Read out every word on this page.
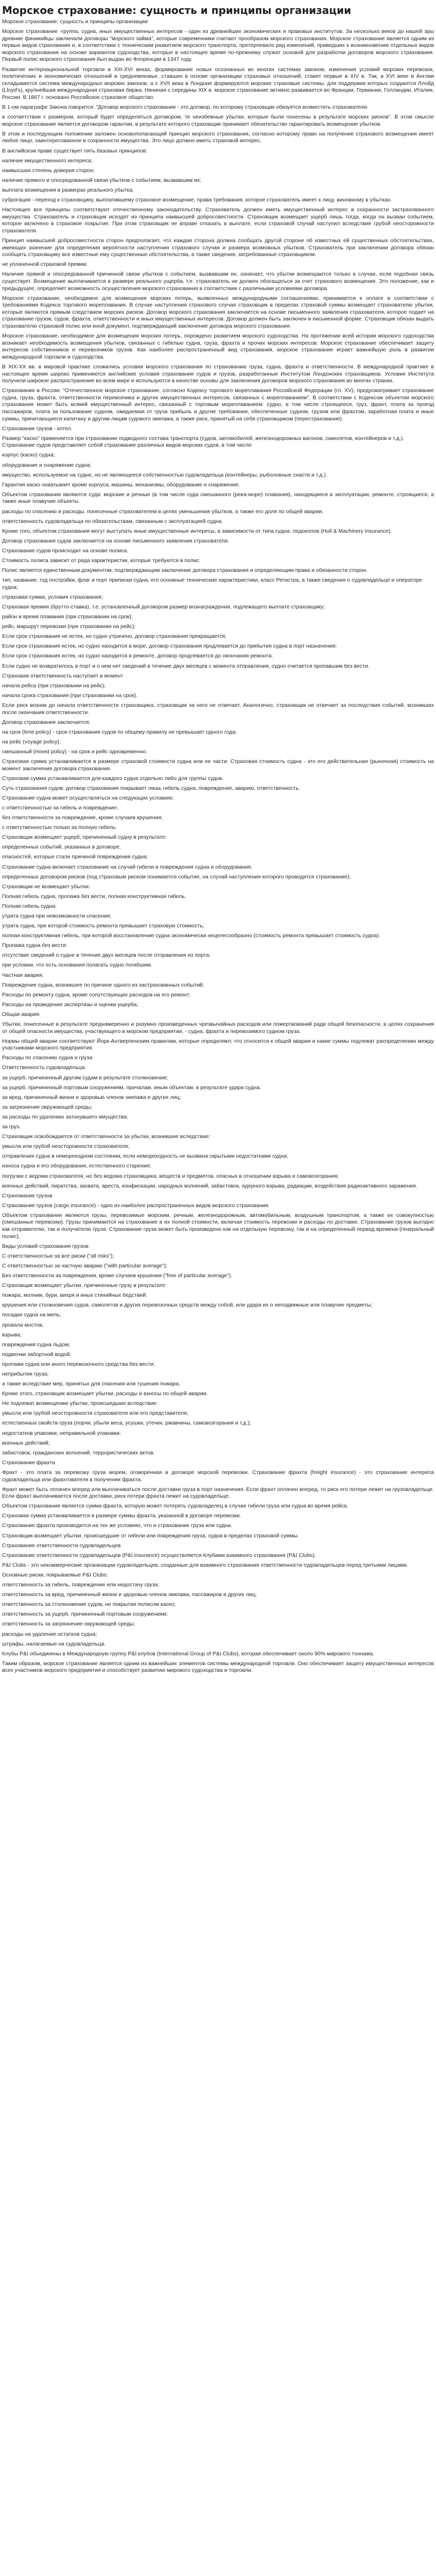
Морское страхование: сущность и принципы организации

Морское страхование: сущность и принципы организации

Морское страхование -группа, судна, иных имущественных интересов - один из древнейших экономических и правовых институтов. За несколько веков до нашей эры древние финикийцы заключали договоры "морского займа", которые современники считают прообразом морского страхования. Морское страхование является одним из первых видов страхования и, в соответствии с техническим развитием морского транспорта, претерпевало ряд изменений, приведших к возникновению отдельных видов морского страхования на основе вариантов судоходства, которые в настоящее время по-прежнему служат основой для разработки договоров морского страхования. Первый полис морского страхования был выдан во Флоренции в 1347 году.

Развитие интернациональной торговли в XIII-XVI веках, формирование новых осознанных во многих системах законов, изменения условий морских перевозок, политических и экономических отношений в средневековье, ставших в основе организации страховых отношений, ставят первые в XIV в. Так, в XVI веке в Англии складывается система международных морских законов, а с XVII века в Лондоне формируются морские страховые системы, для поддержки которых создаются Ллойд (Lloyd's), крупнейшая международная страховая биржа. Начиная с середины XIX в. морское страхование активно развивается во Франции, Германии, Голландии, Италии, России. В 1867 г. основано Российское страховое общество.

В 1-ом параграфе Закона говорится: "Договор морского страхования - это договор, по которому страховщик обязуется возместить страхователю

в соответствии с размером, который будет определяться договором, те неизбежные убытки, которые были понесены в результате морских рисков". В этом смысле морское страхование является договором гарантии, в результате которого страховщик принимает обязательство гарантировать возмещение убытков.

В этом и последующем положении заложен основополагающий принцип морского страхования, согласно которому право на получение страхового возмещения имеет любое лицо, заинтересованное в сохранности имущества. Это лицо должно иметь страховой интерес.

В английском праве существует пять базовых принципов:

наличие имущественного интереса;

наивысшая степень доверия сторон;

наличие прямого и опосредованной связи убытков с событием, вызвавшим их;

выплата возмещения в размерах реального убытка;

суброгация - переход к страховщику, выплатившему страховое возмещение, права требования, которое страхователь имеет к лицу, виновному в убытках.

Настоящее все принципы соответствуют отечественному законодательству. Страхователь должен иметь имущественный интерес в сохранности застрахованного имущества. Страхователь и страховщик исходят из принципа наивысшей добросовестности. Страховщик возмещает ущерб лишь тогда, когда он вызван событием, которое включено в страховое покрытие. При этом страховщик не вправе отказать в выплате, если страховой случай наступил вследствие грубой неосторожности страхователя.

Принцип наивысшей добросовестности сторон предполагает, что каждая сторона должна сообщать другой стороне об известных ей существенных обстоятельствах, имеющих значение для определения вероятности наступления страхового случая и размера возможных убытков. Страхователь при заключении договора обязан сообщить страховщику все известные ему существенные обстоятельства, а также сведения, затребованные страховщиком.

не уплаченной страховой премии.

Наличие прямой и опосредованной причинной связи убытков с событием, вызвавшим их, означает, что убытки возмещаются только в случае, если подобная связь существует. Возмещение выплачивается в размере реального ущерба, т.е. страхователь не должен обогащаться за счет страхового возмещения. Это положение, как и предыдущее, определяет возможность осуществления морского страхования в соответствии с различными условиями договора.

Морское страхование, необходимое для возмещения морских потерь, выявленных международными соглашениями, принимается к оплате в соответствии с требованиями Кодекса торгового мореплавания. В случае наступления страхового случая страховщик в пределах страховой суммы возмещает страхователю убытки, которые являются прямым следствием морских рисков. Договор морского страхования заключается на основе письменного заявления страхователя, которое подает на страхование грузов, судов, фрахта, ответственности и иных имущественных интересов. Договор должен быть заключен в письменной форме. Страховщик обязан выдать страхователю страховой полис или иной документ, подтверждающий заключение договора морского страхования.

Морское страхование, необходимое для возмещения морских потерь, порождено развитием морского судоходства. На протяжении всей истории морского судоходства возникает необходимость возмещения убытков, связанных с гибелью судна, груза, фрахта и прочих морских интересов. Морское страхование обеспечивает защиту интересов собственников и перевозчиков грузов. Как наиболее распространенный вид страхования, морское страхование играет важнейшую роль в развитии международной торговли и судоходства.

В XIX-XX вв. в мировой практике сложились условия морского страхования по страхованию груза, судна, фрахта и ответственности. В международной практике в настоящее время широко применяются английские условия страхования судов и грузов, разработанные Институтом Лондонских страховщиков. Условия Института получили широкое распространение во всем мире и используются в качестве основы для заключения договоров морского страхования во многих странах.

Страхование в России: "Отечественное морское страхование, согласно Кодексу торгового мореплавания Российской Федерации (гл. XV), предусматривает страхование судна, груза, фрахта, ответственности перевозчика и других имущественных интересов, связанных с мореплаванием". В соответствии с Кодексом объектом морского страхования может быть всякий имущественный интерес, связанный с торговым мореплаванием: судно, в том числе строящееся, груз, фрахт, плата за проезд пассажиров, плата за пользование судном, ожидаемая от груза прибыль и другие требования, обеспеченные судном, грузом или фрахтом, заработная плата и иные суммы, причитающиеся капитану и другим лицам судового экипажа, а также риск, принятый на себя страховщиком (перестрахование).

Страхование грузов - котел.

Размер "каско" применяется при страховании подводного состава транспорта (судов, автомобилей, железнодорожных вагонов, самолетов, контейнеров и т.д.). Страхование судов представляет собой страхование различных видов морских судов, в том числе:

корпус (каско) судна;

оборудование и снаряжение судна;

имущество, используемое на судне, но не являющееся собственностью судовладельца (контейнеры, рыболовные снасти и т.д.).

Гарантия каско охватывает кроме корпуса, машины, механизмы, оборудование и снаряжение.

Объектом страхования являются суда: морские и речные (в том числе суда смешанного (река-море) плавания), находящиеся в эксплуатации, ремонте, строящиеся, а также иные плавучие объекты.

расходы по спасению и расходы, понесенные страхователем в целях уменьшения убытков, а также его доля по общей аварии;

ответственность судовладельца по обязательствам, связанным с эксплуатацией судна.

Кроме того, объектом страхования могут выступать иные имущественные интересы, в зависимости от типа судна: ледоколов (Hull & Machinery Insurance).

Договор страхования судов заключается на основе письменного заявления страхователя.

Страхование судов происходит на основе полиса.

Стоимость полиса зависит от ряда характеристик, которые требуются в полис.

Полис является единственным документом, подтверждающим заключение договора страхования и определяющим права и обязанности сторон.

тип, название, год постройки, флаг и порт приписки судна, его основные технические характеристики, класс Регистра, а также сведения о судовладельце и операторе судна;

страховая сумма, условия страхования;

Страховая премия (брутто-ставка), т.е. установленный договором размер вознаграждения, подлежащего выплате страховщику;

район и время плавания (при страховании на срок);

рейс, маршрут перевозки (при страховании на рейс);

Если срок страхования не истек, но судно утрачено, договор страхования прекращается;

Если срок страхования истек, но судно находится в море, договор страхования продлевается до прибытия судна в порт назначения;

Если срок страхования истек, но судно находится в ремонте, договор продлевается до окончания ремонта.

Если судно не возвратилось в порт и о нем нет сведений в течение двух месяцев с момента отправления, судно считается пропавшим без вести.

Страховая ответственность наступает в момент

начала рейса (при страховании на рейс);

начала срока страхования (при страховании на срок).

Если риск возник до начала ответственности страховщика, страховщик за него не отвечает. Аналогично, страховщик не отвечает за последствия событий, возникших после окончания ответственности.

Договор страхования заключается:

на срок (time policy) - срок страхования судов по общему правилу не превышает одного года;

на рейс (voyage policy);

смешанный (mixed policy) - на срок и рейс одновременно.

Страховая сумма устанавливается в размере страховой стоимости судна или ее части. Страховая стоимость судна - это его действительная (рыночная) стоимость на момент заключения договора страхования.

Страховая сумма устанавливается для каждого судна отдельно либо для группы судов.

Суть страхования судов: договор страхования покрывает лишь гибель судна, повреждение, аварию, ответственность.

Страхование судна может осуществляться на следующих условиях:

с ответственностью за гибель и повреждение;

без ответственности за повреждение, кроме случаев крушения;

с ответственностью только за полную гибель.

Страховщик возмещает ущерб, причиненный судну в результате:

определенных событий, указанных в договоре;

опасностей, которые стали причиной повреждения судна;

Страхование судна включает страхование на случай гибели и повреждения судна и оборудования.

определенных договором рисков (под страховым риском понимается событие, на случай наступления которого проводится страхование);

Страховщик не возмещает убытки:

Полная гибель судна, пропажа без вести, полная конструктивная гибель.

Полная гибель судна:

утрата судна при невозможности спасения;

утрата судна, при которой стоимость ремонта превышает страховую стоимость;

полная конструктивная гибель, при которой восстановление судна экономически нецелесообразно (стоимость ремонта превышает стоимость судна).

Пропажа судна без вести:

отсутствие сведений о судне в течение двух месяцев после отправления из порта;

при условии, что есть основания полагать судно погибшим.

Частная авария:

Повреждение судна, возникшее по причине одного из застрахованных событий;

Расходы по ремонту судна, кроме сопутствующих расходов на его ремонт;

Расходы на проведение экспертизы и оценки ущерба;

Общая авария:

Убытки, понесенные в результате преднамеренно и разумно произведенных чрезвычайных расходов или пожертвований ради общей безопасности, в целях сохранения от общей опасности имущества, участвующего в морском предприятии, - судна, фрахта и перевозимого судном груза.

Нормы общей аварии соответствуют Йорк-Антверпенским правилам, которые определяют, что относится к общей аварии и какие суммы подлежат распределению между участниками морского предприятия.

Расходы по спасению судна и груза:

Ответственность судовладельца:

за ущерб, причиненный другим судам в результате столкновения;

за ущерб, причиненный портовым сооружениям, причалам, иным объектам, в результате удара судна;

за вред, причиненный жизни и здоровью членов экипажа и других лиц;

за загрязнение окружающей среды;

за расходы по удалению затонувшего имущества;

за груз.

Страховщик освобождается от ответственности за убытки, возникшие вследствие:

умысла или грубой неосторожности страхователя;

отправления судна в немореходном состоянии, если немореходность не вызвана скрытыми недостатками судна;

износа судна и его оборудования, естественного старения;

погрузки с ведома страхователя, но без ведома страховщика, веществ и предметов, опасных в отношении взрыва и самовозгорания;

военных действий, пиратства, захвата, ареста, конфискации, народных волнений, забастовок, ядерного взрыва, радиации, воздействия радиоактивного заражения.

Страхование грузов

Страхование грузов (cargo insurance) - одно из наиболее распространенных видов морского страхования.

Объектом страхования являются грузы, перевозимые морским, речным, железнодорожным, автомобильным, воздушным транспортом, а также их совокупностью (смешанные перевозки). Грузы принимаются на страхование в их полной стоимости, включая стоимость перевозки и расходы по доставке. Страхование грузов выгодно как отправителю, так и получателю груза. Страхование груза может быть произведено как на отдельную перевозку, так и на определенный период времени (генеральный полис).

Виды условий страхования грузов:

С ответственностью за все риски ("all risks");

С ответственностью за частную аварию ("with particular average");

Без ответственности за повреждения, кроме случаев крушения ("free of particular average").

Страховщик возмещает убытки, причиненные грузу в результате:

пожара, молнии, бури, вихря и иных стихийных бедствий;

крушения или столкновения судов, самолетов и других перевозочных средств между собой, или удара их о неподвижные или плавучие предметы;

посадки судна на мель;

провала мостов;

взрыва;

повреждения судна льдом;

подмочки забортной водой;

пропажи судна или иного перевозочного средства без вести;

неприбытия груза;

а также вследствие мер, принятых для спасения или тушения пожара.

Кроме этого, страховщик возмещает убытки, расходы и взносы по общей аварии.

Не подлежат возмещению убытки, происшедшие вследствие:

умысла или грубой неосторожности страхователя или его представителя;

естественных свойств груза (порчи, убыли веса, усушки, утечки, ржавчины, самовозгорания и т.д.);

недостатков упаковки, неправильной упаковки;

военных действий;

забастовок, гражданских волнений, террористических актов.

Страхование фрахта

Фрахт - это плата за перевозку груза морем, оговоренная в договоре морской перевозки. Страхование фрахта (freight insurance) - это страхование интереса судовладельца или фрахтователя в получении фрахта.

Фрахт может быть оплачен вперед или выплачиваться после доставки груза в порт назначения. Если фрахт оплачен вперед, то риск его потери лежит на грузовладельце. Если фрахт выплачивается после доставки, риск потери фрахта лежит на судовладельце.

Объектом страхования является сумма фрахта, которую может потерять судовладелец в случае гибели груза или судна во время рейса.

Страховая сумма устанавливается в размере суммы фрахта, указанной в договоре перевозки.

Страхование фрахта производится на тех же условиях, что и страхование груза или судна.

Страховщик возмещает убытки, происшедшие от гибели или повреждения груза, судна в пределах страховой суммы.

Страхование ответственности судовладельцев

Страхование ответственности судовладельцев (P&I insurance) осуществляется Клубами взаимного страхования (P&I Clubs).

P&I Clubs - это некоммерческие организации судовладельцев, созданные для взаимного страхования ответственности судовладельцев перед третьими лицами.

Основные риски, покрываемые P&I Clubs:

ответственность за гибель, повреждение или недостачу груза;

ответственность за вред, причиненный жизни и здоровью членов экипажа, пассажиров и других лиц;

ответственность за столкновение судов, не покрытая полисом каско;

ответственность за ущерб, причиненный портовым сооружениям;

ответственность за загрязнение окружающей среды;

расходы на удаление остатков судна;

штрафы, налагаемые на судовладельца.

Клубы P&I объединены в Международную группу P&I клубов (International Group of P&I Clubs), которая обеспечивает около 90% мирового тоннажа.

Таким образом, морское страхование является одним из важнейших элементов системы международной торговли. Оно обеспечивает защиту имущественных интересов всех участников морского предприятия и способствует развитию мирового судоходства и торговли.
